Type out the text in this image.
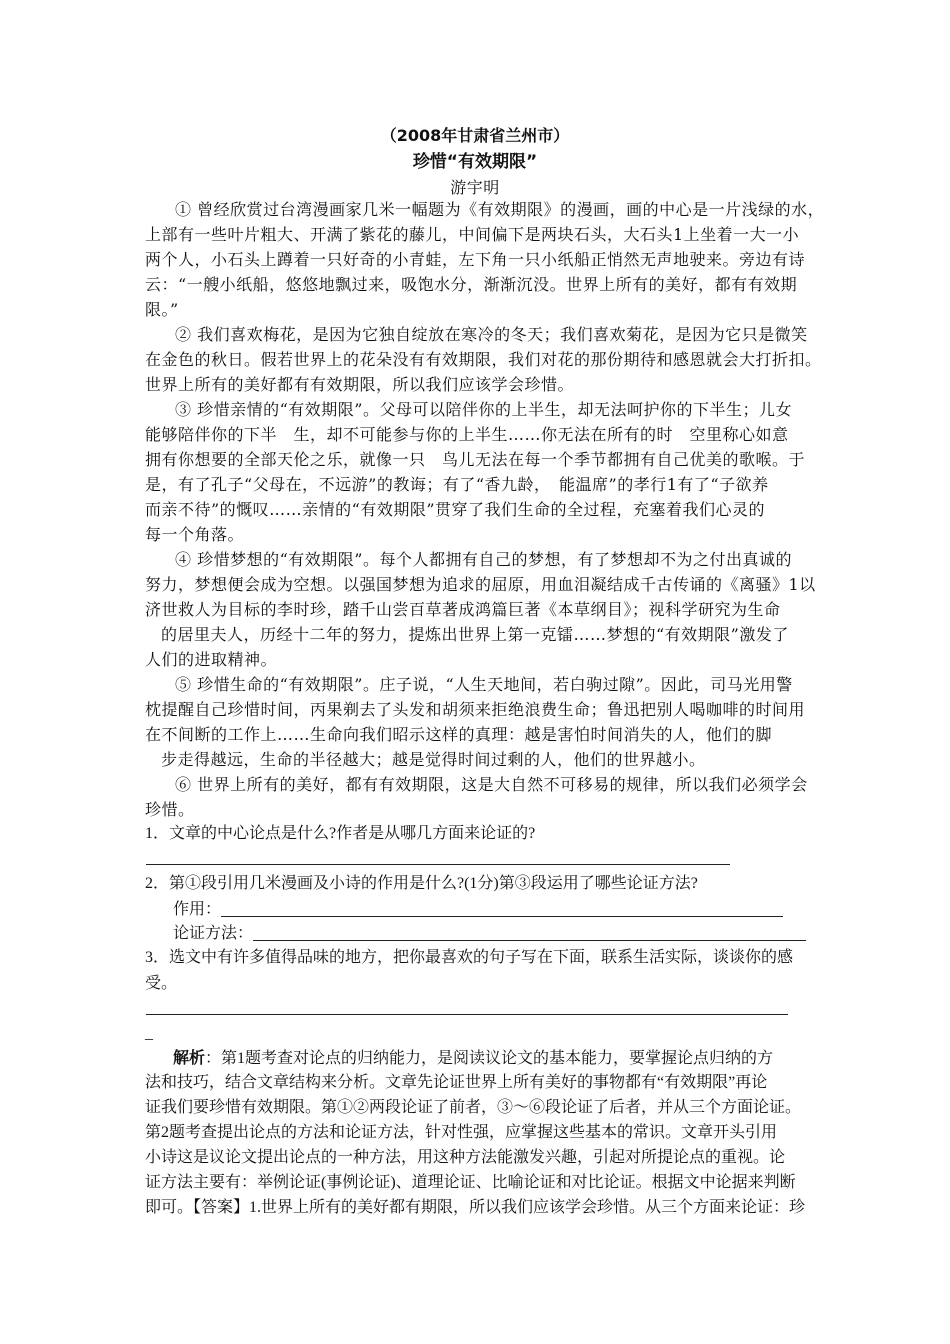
（2008年甘肃省兰州市）
珍惜“有效期限”
游宇明
① 曾经欣赏过台湾漫画家几米一幅题为《有效期限》的漫画，画的中心是一片浅绿的水，
上部有一些叶片粗大、开满了紫花的藤儿，中间偏下是两块石头，大石头1上坐着一大一小
两个人，小石头上蹲着一只好奇的小青蛙，左下角一只小纸船正悄然无声地驶来。旁边有诗
云：“一艘小纸船，悠悠地飘过来，吸饱水分，渐渐沉没。世界上所有的美好，都有有效期
限。”
② 我们喜欢梅花，是因为它独自绽放在寒冷的冬天；我们喜欢菊花，是因为它只是微笑
在金色的秋日。假若世界上的花朵没有有效期限，我们对花的那份期待和感恩就会大打折扣。
世界上所有的美好都有有效期限，所以我们应该学会珍惜。
③ 珍惜亲情的“有效期限”。父母可以陪伴你的上半生，却无法呵护你的下半生；儿女
能够陪伴你的下半　生，却不可能参与你的上半生……你无法在所有的时　空里称心如意
拥有你想要的全部天伦之乐，就像一只　鸟儿无法在每一个季节都拥有自己优美的歌喉。于
是，有了孔子“父母在，不远游”的教诲；有了“香九龄，　能温席”的孝行1有了“子欲养
而亲不待”的慨叹……亲情的“有效期限”贯穿了我们生命的全过程，充塞着我们心灵的
每一个角落。
④ 珍惜梦想的“有效期限”。每个人都拥有自己的梦想，有了梦想却不为之付出真诚的
努力，梦想便会成为空想。以强国梦想为追求的屈原，用血泪凝结成千古传诵的《离骚》1以
济世救人为目标的李时珍，踏千山尝百草著成鸿篇巨著《本草纲目》；视科学研究为生命
的居里夫人，历经十二年的努力，提炼出世界上第一克镭……梦想的“有效期限”激发了
人们的进取精神。
⑤ 珍惜生命的“有效期限”。庄子说，“人生天地间，若白驹过隙”。因此，司马光用警
枕提醒自己珍惜时间，丙果剃去了头发和胡须来拒绝浪费生命；鲁迅把别人喝咖啡的时间用
在不间断的工作上……生命向我们昭示这样的真理：越是害怕时间消失的人，他们的脚
步走得越远，生命的半径越大；越是觉得时间过剩的人，他们的世界越小。
⑥ 世界上所有的美好，都有有效期限，这是大自然不可移易的规律，所以我们必须学会
珍惜。
1．文章的中心论点是什么?作者是从哪几方面来论证的?
2．第①段引用几米漫画及小诗的作用是什么?(1分)第③段运用了哪些论证方法?
作用：
论证方法：
3．选文中有许多值得品味的地方，把你最喜欢的句子写在下面，联系生活实际，谈谈你的感
受。
_
解析：第1题考查对论点的归纳能力，是阅读议论文的基本能力，要掌握论点归纳的方
法和技巧，结合文章结构来分析。文章先论证世界上所有美好的事物都有“有效期限”再论
证我们要珍惜有效期限。第①②两段论证了前者，③～⑥段论证了后者，并从三个方面论证。
第2题考查提出论点的方法和论证方法，针对性强，应掌握这些基本的常识。文章开头引用
小诗这是议论文提出论点的一种方法，用这种方法能激发兴趣，引起对所提论点的重视。论
证方法主要有：举例论证(事例论证)、道理论证、比喻论证和对比论证。根据文中论据来判断
即可。【答案】1.世界上所有的美好都有期限，所以我们应该学会珍惜。从三个方面来论证：珍
